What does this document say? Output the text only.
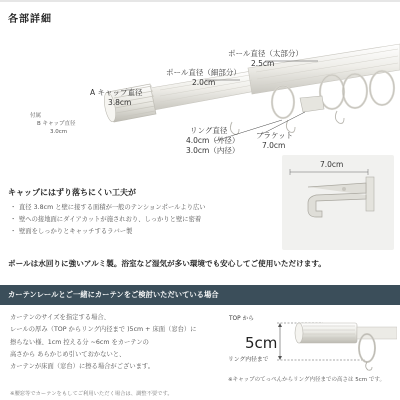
各部詳細
ポール直径（太部分）
2.5cm
ポール直径（細部分）
2.0cm
A キャップ直径
3.8cm
付属
B キャップ直径
3.0cm	リング直径
4.0cm（外径）
3.0cm（内径）
ブラケット
7.0cm
キャップにはずり落ちにくい工夫が
・ 直径 3.8cm と壁に接する面積が一般のテンションポールより広い
・ 壁への接地面にダイアカットが施されおり、しっかりと壁に密着
・ 壁面をしっかりとキャッチするラバー製
7.0cm
ポールは水回りに強いアルミ製。浴室など湿気が多い環境でも安心してご使用いただけます。
カーテンレールとご一緒にカーテンをご検討いただいている場合
カーテンのサイズを指定する場合、
レールの厚み（TOP からリング内径まで )5cm + 床面（窓台）に
擦らない様、1cm 控える分 ~6cm をカーテンの
高さから あらかじめ引いておかないと、
カーテンが床面（窓台）に擦る場合がございます。
TOP から
5cm
リング内径まで
※キャップのてっぺんからリング内径までの高さは 5cm です。
※腰窓等でカーテンをもしてご利用いただく場合は、調整不要です。
